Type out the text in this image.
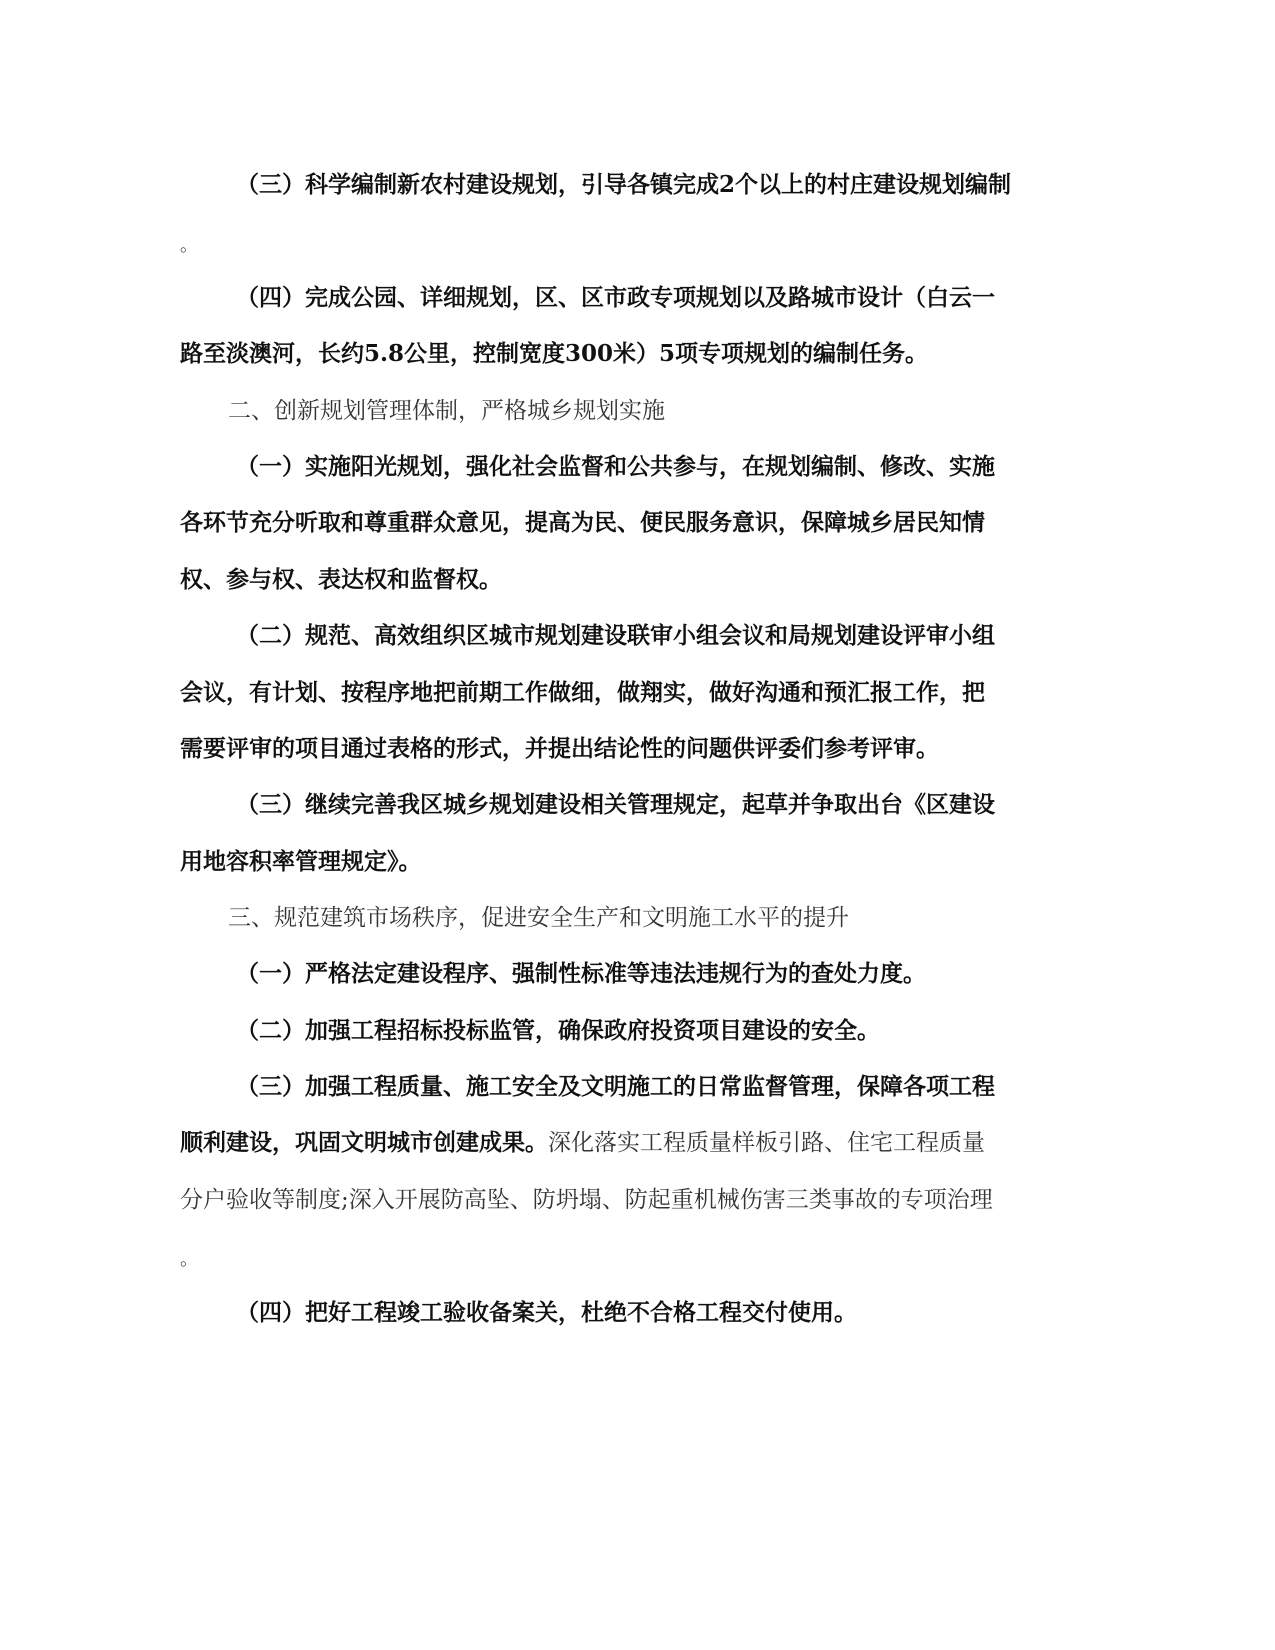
（三）科学编制新农村建设规划，引导各镇完成2个以上的村庄建设规划编制
。
（四）完成公园、详细规划，区、区市政专项规划以及路城市设计（白云一
路至淡澳河，长约5.8公里，控制宽度300米）5项专项规划的编制任务。
二、创新规划管理体制，严格城乡规划实施
（一）实施阳光规划，强化社会监督和公共参与，在规划编制、修改、实施
各环节充分听取和尊重群众意见，提高为民、便民服务意识，保障城乡居民知情
权、参与权、表达权和监督权。
（二）规范、高效组织区城市规划建设联审小组会议和局规划建设评审小组
会议，有计划、按程序地把前期工作做细，做翔实，做好沟通和预汇报工作，把
需要评审的项目通过表格的形式，并提出结论性的问题供评委们参考评审。
（三）继续完善我区城乡规划建设相关管理规定，起草并争取出台《区建设
用地容积率管理规定》。
三、规范建筑市场秩序，促进安全生产和文明施工水平的提升
（一）严格法定建设程序、强制性标准等违法违规行为的查处力度。
（二）加强工程招标投标监管，确保政府投资项目建设的安全。
（三）加强工程质量、施工安全及文明施工的日常监督管理，保障各项工程
顺利建设，巩固文明城市创建成果。深化落实工程质量样板引路、住宅工程质量
分户验收等制度;深入开展防高坠、防坍塌、防起重机械伤害三类事故的专项治理
。
（四）把好工程竣工验收备案关，杜绝不合格工程交付使用。
